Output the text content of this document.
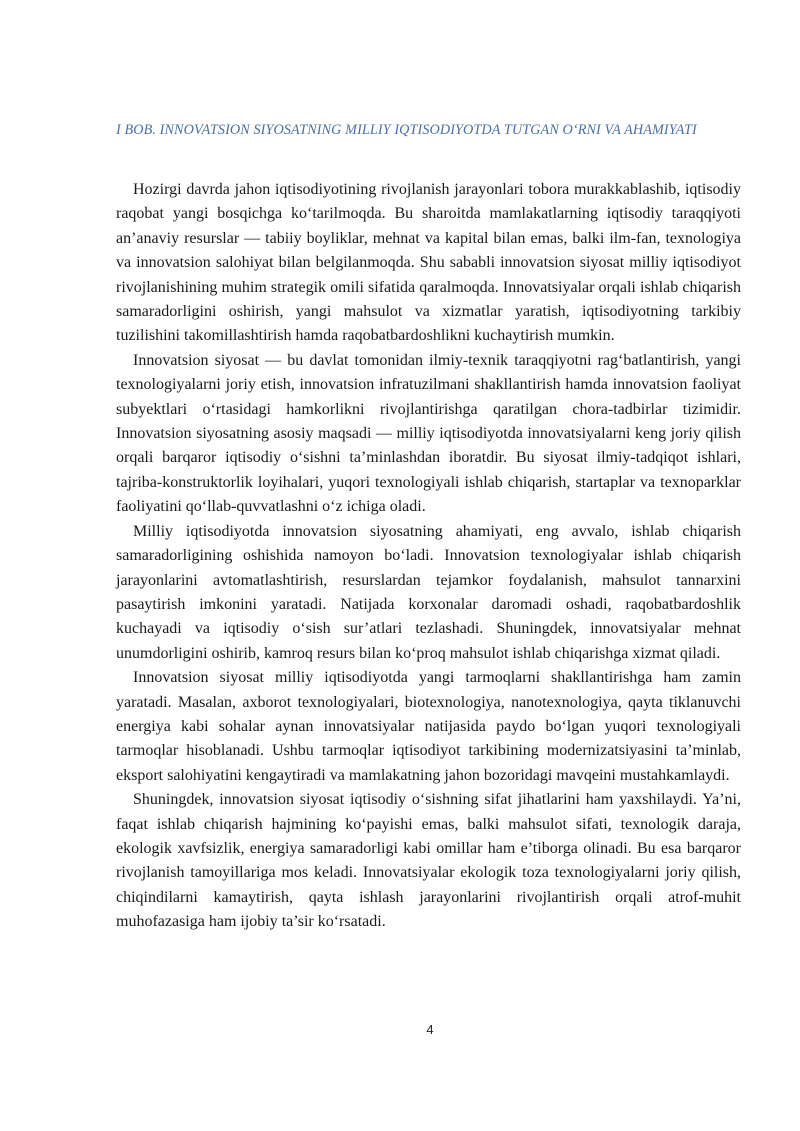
I BOB. INNOVATSION SIYOSATNING MILLIY IQTISODIYOTDA TUTGAN O‘RNI VA AHAMIYATI

Hozirgi davrda jahon iqtisodiyotining rivojlanish jarayonlari tobora murakkablashib, iqtisodiy raqobat yangi bosqichga ko‘tarilmoqda. Bu sharoitda mamlakatlarning iqtisodiy taraqqiyoti an’anaviy resurslar — tabiiy boyliklar, mehnat va kapital bilan emas, balki ilm-fan, texnologiya va innovatsion salohiyat bilan belgilanmoqda. Shu sababli innovatsion siyosat milliy iqtisodiyot rivojlanishining muhim strategik omili sifatida qaralmoqda. Innovatsiyalar orqali ishlab chiqarish samaradorligini oshirish, yangi mahsulot va xizmatlar yaratish, iqtisodiyotning tarkibiy tuzilishini takomillashtirish hamda raqobatbardoshlikni kuchaytirish mumkin.

Innovatsion siyosat — bu davlat tomonidan ilmiy-texnik taraqqiyotni rag‘batlantirish, yangi texnologiyalarni joriy etish, innovatsion infratuzilmani shakllantirish hamda innovatsion faoliyat subyektlari o‘rtasidagi hamkorlikni rivojlantirishga qaratilgan chora-tadbirlar tizimidir. Innovatsion siyosatning asosiy maqsadi — milliy iqtisodiyotda innovatsiyalarni keng joriy qilish orqali barqaror iqtisodiy o‘sishni ta’minlashdan iboratdir. Bu siyosat ilmiy-tadqiqot ishlari, tajriba-konstruktorlik loyihalari, yuqori texnologiyali ishlab chiqarish, startaplar va texnoparklar faoliyatini qo‘llab-quvvatlashni o‘z ichiga oladi.

Milliy iqtisodiyotda innovatsion siyosatning ahamiyati, eng avvalo, ishlab chiqarish samaradorligining oshishida namoyon bo‘ladi. Innovatsion texnologiyalar ishlab chiqarish jarayonlarini avtomatlashtirish, resurslardan tejamkor foydalanish, mahsulot tannarxini pasaytirish imkonini yaratadi. Natijada korxonalar daromadi oshadi, raqobatbardoshlik kuchayadi va iqtisodiy o‘sish sur’atlari tezlashadi. Shuningdek, innovatsiyalar mehnat unumdorligini oshirib, kamroq resurs bilan ko‘proq mahsulot ishlab chiqarishga xizmat qiladi.

Innovatsion siyosat milliy iqtisodiyotda yangi tarmoqlarni shakllantirishga ham zamin yaratadi. Masalan, axborot texnologiyalari, biotexnologiya, nanotexnologiya, qayta tiklanuvchi energiya kabi sohalar aynan innovatsiyalar natijasida paydo bo‘lgan yuqori texnologiyali tarmoqlar hisoblanadi. Ushbu tarmoqlar iqtisodiyot tarkibining modernizatsiyasini ta’minlab, eksport salohiyatini kengaytiradi va mamlakatning jahon bozoridagi mavqeini mustahkamlaydi.

Shuningdek, innovatsion siyosat iqtisodiy o‘sishning sifat jihatlarini ham yaxshilaydi. Ya’ni, faqat ishlab chiqarish hajmining ko‘payishi emas, balki mahsulot sifati, texnologik daraja, ekologik xavfsizlik, energiya samaradorligi kabi omillar ham e’tiborga olinadi. Bu esa barqaror rivojlanish tamoyillariga mos keladi. Innovatsiyalar ekologik toza texnologiyalarni joriy qilish, chiqindilarni kamaytirish, qayta ishlash jarayonlarini rivojlantirish orqali atrof-muhit muhofazasiga ham ijobiy ta’sir ko‘rsatadi.

4
